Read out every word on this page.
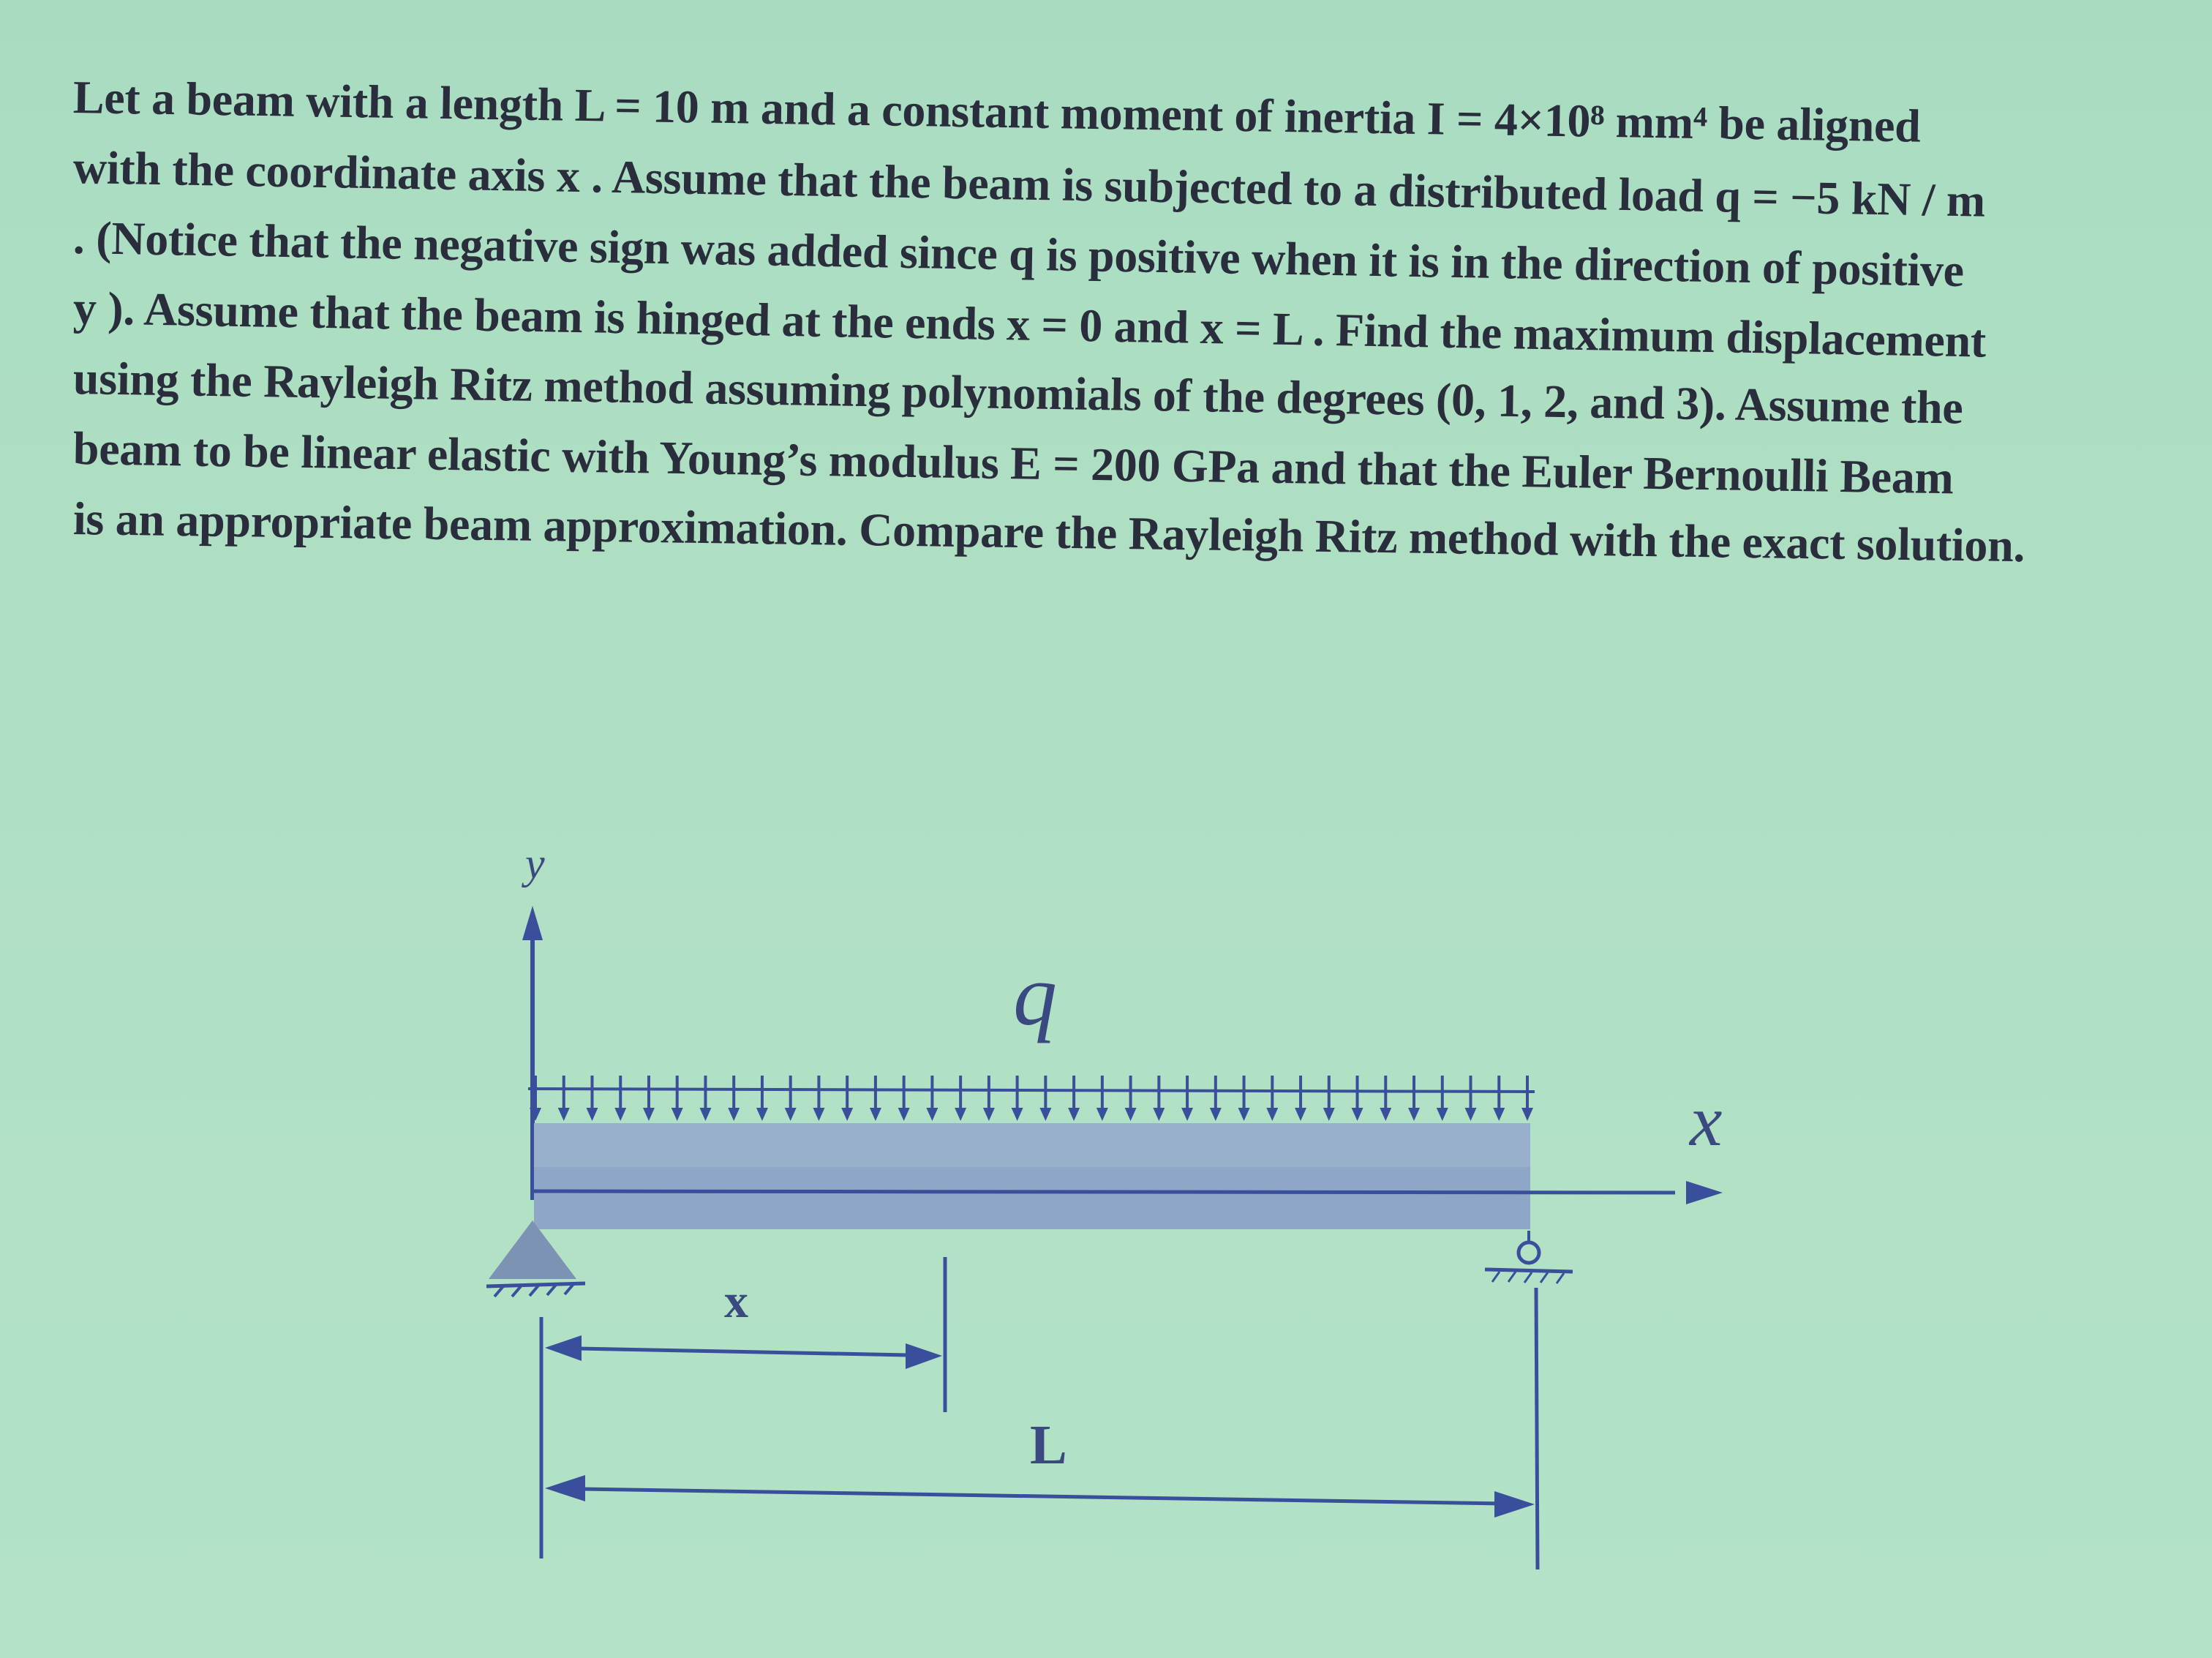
Let a beam with a length L = 10 m and a constant moment of inertia I = 4×10⁸ mm⁴ be aligned
with the coordinate axis x . Assume that the beam is subjected to a distributed load q = −5 kN / m
. (Notice that the negative sign was added since q is positive when it is in the direction of positive
y ). Assume that the beam is hinged at the ends x = 0 and x = L . Find the maximum displacement
using the Rayleigh Ritz method assuming polynomials of the degrees (0, 1, 2, and 3). Assume the
beam to be linear elastic with Young’s modulus E = 200 GPa and that the Euler Bernoulli Beam
is an appropriate beam approximation. Compare the Rayleigh Ritz method with the exact solution.
y
q
x
x
L
